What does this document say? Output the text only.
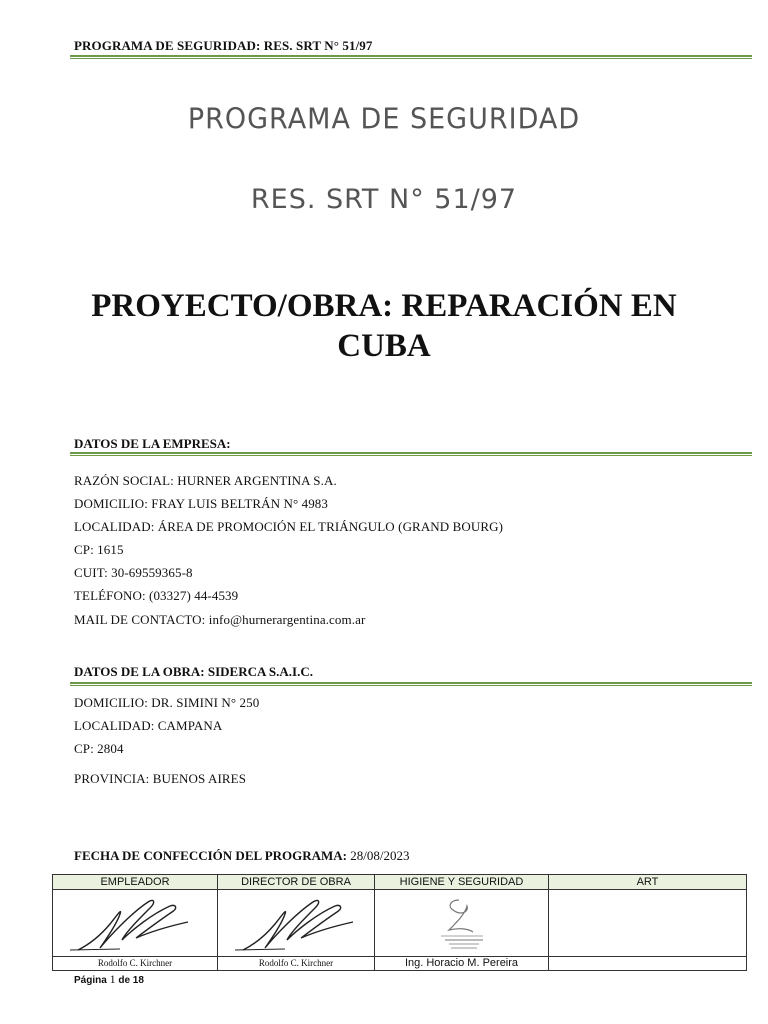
PROGRAMA DE SEGURIDAD: RES. SRT N° 51/97
PROGRAMA DE SEGURIDAD
RES. SRT N° 51/97
PROYECTO/OBRA: REPARACIÓN EN
CUBA
DATOS DE LA EMPRESA:
RAZÓN SOCIAL: HURNER ARGENTINA S.A.
DOMICILIO: FRAY LUIS BELTRÁN N° 4983
LOCALIDAD: ÁREA DE PROMOCIÓN EL TRIÁNGULO (GRAND BOURG)
CP: 1615
CUIT: 30-69559365-8
TELÉFONO: (03327) 44-4539
MAIL DE CONTACTO: info@hurnerargentina.com.ar
DATOS DE LA OBRA: SIDERCA S.A.I.C.
DOMICILIO: DR. SIMINI N° 250
LOCALIDAD: CAMPANA
CP: 2804
PROVINCIA: BUENOS AIRES
FECHA DE CONFECCIÓN DEL PROGRAMA: 28/08/2023
EMPLEADOR	DIRECTOR DE OBRA	HIGIENE Y SEGURIDAD	ART

Rodolfo C. Kirchner	Rodolfo C. Kirchner	Ing. Horacio M. Pereira	
Página 1 de 18
